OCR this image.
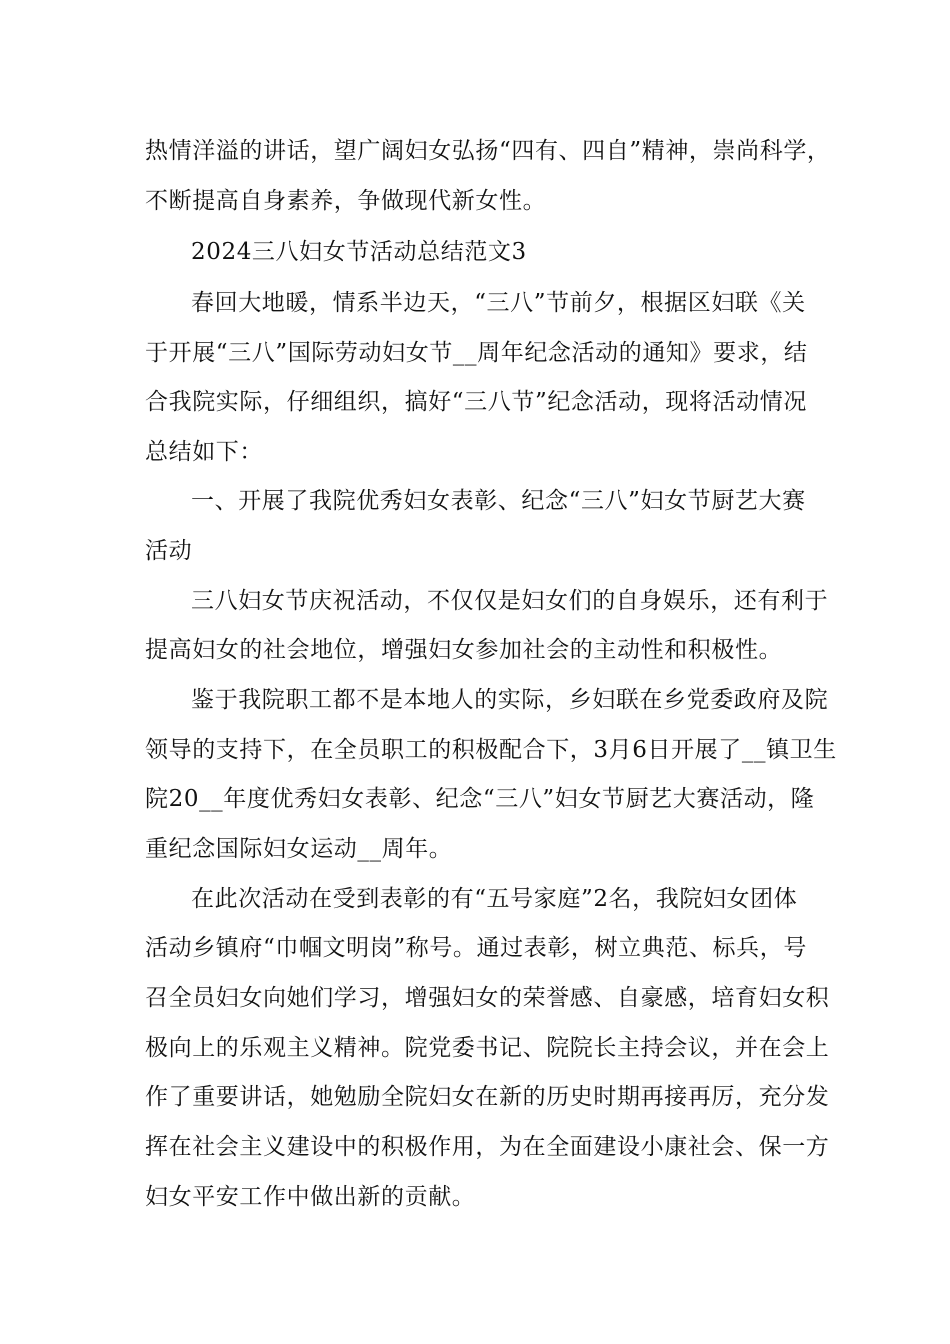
热情洋溢的讲话，望广阔妇女弘扬“四有、四自”精神，崇尚科学，
不断提高自身素养，争做现代新女性。
2024三八妇女节活动总结范文3
春回大地暖，情系半边天，“三八”节前夕，根据区妇联《关
于开展“三八”国际劳动妇女节__周年纪念活动的通知》要求，结
合我院实际，仔细组织，搞好“三八节”纪念活动，现将活动情况
总结如下：
一、开展了我院优秀妇女表彰、纪念“三八”妇女节厨艺大赛
活动
三八妇女节庆祝活动，不仅仅是妇女们的自身娱乐，还有利于
提高妇女的社会地位，增强妇女参加社会的主动性和积极性。
鉴于我院职工都不是本地人的实际，乡妇联在乡党委政府及院
领导的支持下，在全员职工的积极配合下，3月6日开展了__镇卫生
院20__年度优秀妇女表彰、纪念“三八”妇女节厨艺大赛活动，隆
重纪念国际妇女运动__周年。
在此次活动在受到表彰的有“五号家庭”2名，我院妇女团体
活动乡镇府“巾帼文明岗”称号。通过表彰，树立典范、标兵，号
召全员妇女向她们学习，增强妇女的荣誉感、自豪感，培育妇女积
极向上的乐观主义精神。院党委书记、院院长主持会议，并在会上
作了重要讲话，她勉励全院妇女在新的历史时期再接再厉，充分发
挥在社会主义建设中的积极作用，为在全面建设小康社会、保一方
妇女平安工作中做出新的贡献。
